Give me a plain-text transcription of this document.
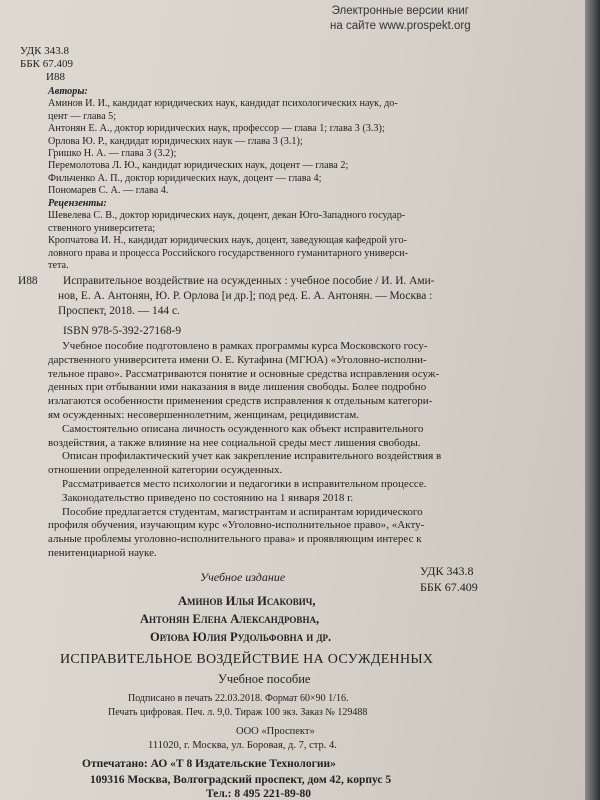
Электронные версии книг
на сайте www.prospekt.org
УДК 343.8
ББК 67.409
И88

Авторы:

Аминов И. И., кандидат юридических наук, кандидат психологических наук, до-

цент — глава 5;

Антонян Е. А., доктор юридических наук, профессор — глава 1; глава 3 (3.3);

Орлова Ю. Р., кандидат юридических наук — глава 3 (3.1);

Гришко Н. А. — глава 3 (3.2);

Перемолотова Л. Ю., кандидат юридических наук, доцент — глава 2;

Фильченко А. П., доктор юридических наук, доцент — глава 4;

Пономарев С. А. — глава 4.

Рецензенты:

Шевелева С. В., доктор юридических наук, доцент, декан Юго-Западного государ-

ственного университета;

Кропчатова И. Н., кандидат юридических наук, доцент, заведующая кафедрой уго-

ловного права и процесса Российского государственного гуманитарного универси-

тета.

И88 Исправительное воздействие на осужденных : учебное пособие / И. И. Ами-
нов, Е. А. Антонян, Ю. Р. Орлова [и др.]; под ред. Е. А. Антонян. — Москва :
Проспект, 2018. — 144 с.
ISBN 978-5-392-27168-9

Учебное пособие подготовлено в рамках программы курса Московского госу-

дарственного университета имени О. Е. Кутафина (МГЮА) «Уголовно-исполни-

тельное право». Рассматриваются понятие и основные средства исправления осуж-

денных при отбывании ими наказания в виде лишения свободы. Более подробно

излагаются особенности применения средств исправления к отдельным категори-

ям осужденных: несовершеннолетним, женщинам, рецидивистам.

Самостоятельно описана личность осужденного как объект исправительного

воздействия, а также влияние на нее социальной среды мест лишения свободы.

Описан профилактический учет как закрепление исправительного воздействия в

отношении определенной категории осужденных.

Рассматривается место психологии и педагогики в исправительном процессе.

Законодательство приведено по состоянию на 1 января 2018 г.

Пособие предлагается студентам, магистрантам и аспирантам юридического

профиля обучения, изучающим курс «Уголовно-исполнительное право», «Акту-

альные проблемы уголовно-исполнительного права» и проявляющим интерес к

пенитенциарной науке.

УДК 343.8
ББК 67.409
Учебное издание
Аминов Илья Исакович,
Антонян Елена Александровна,
Орлова Юлия Рудольфовна и др.
ИСПРАВИТЕЛЬНОЕ ВОЗДЕЙСТВИЕ НА ОСУЖДЕННЫХ
Учебное пособие
Подписано в печать 22.03.2018. Формат 60×90 1/16.
Печать цифровая. Печ. л. 9,0. Тираж 100 экз. Заказ № 129488
ООО «Проспект»
111020, г. Москва, ул. Боровая, д. 7, стр. 4.
Отпечатано: АО «Т 8 Издательские Технологии»
109316 Москва, Волгоградский проспект, дом 42, корпус 5
Тел.: 8 495 221-89-80
